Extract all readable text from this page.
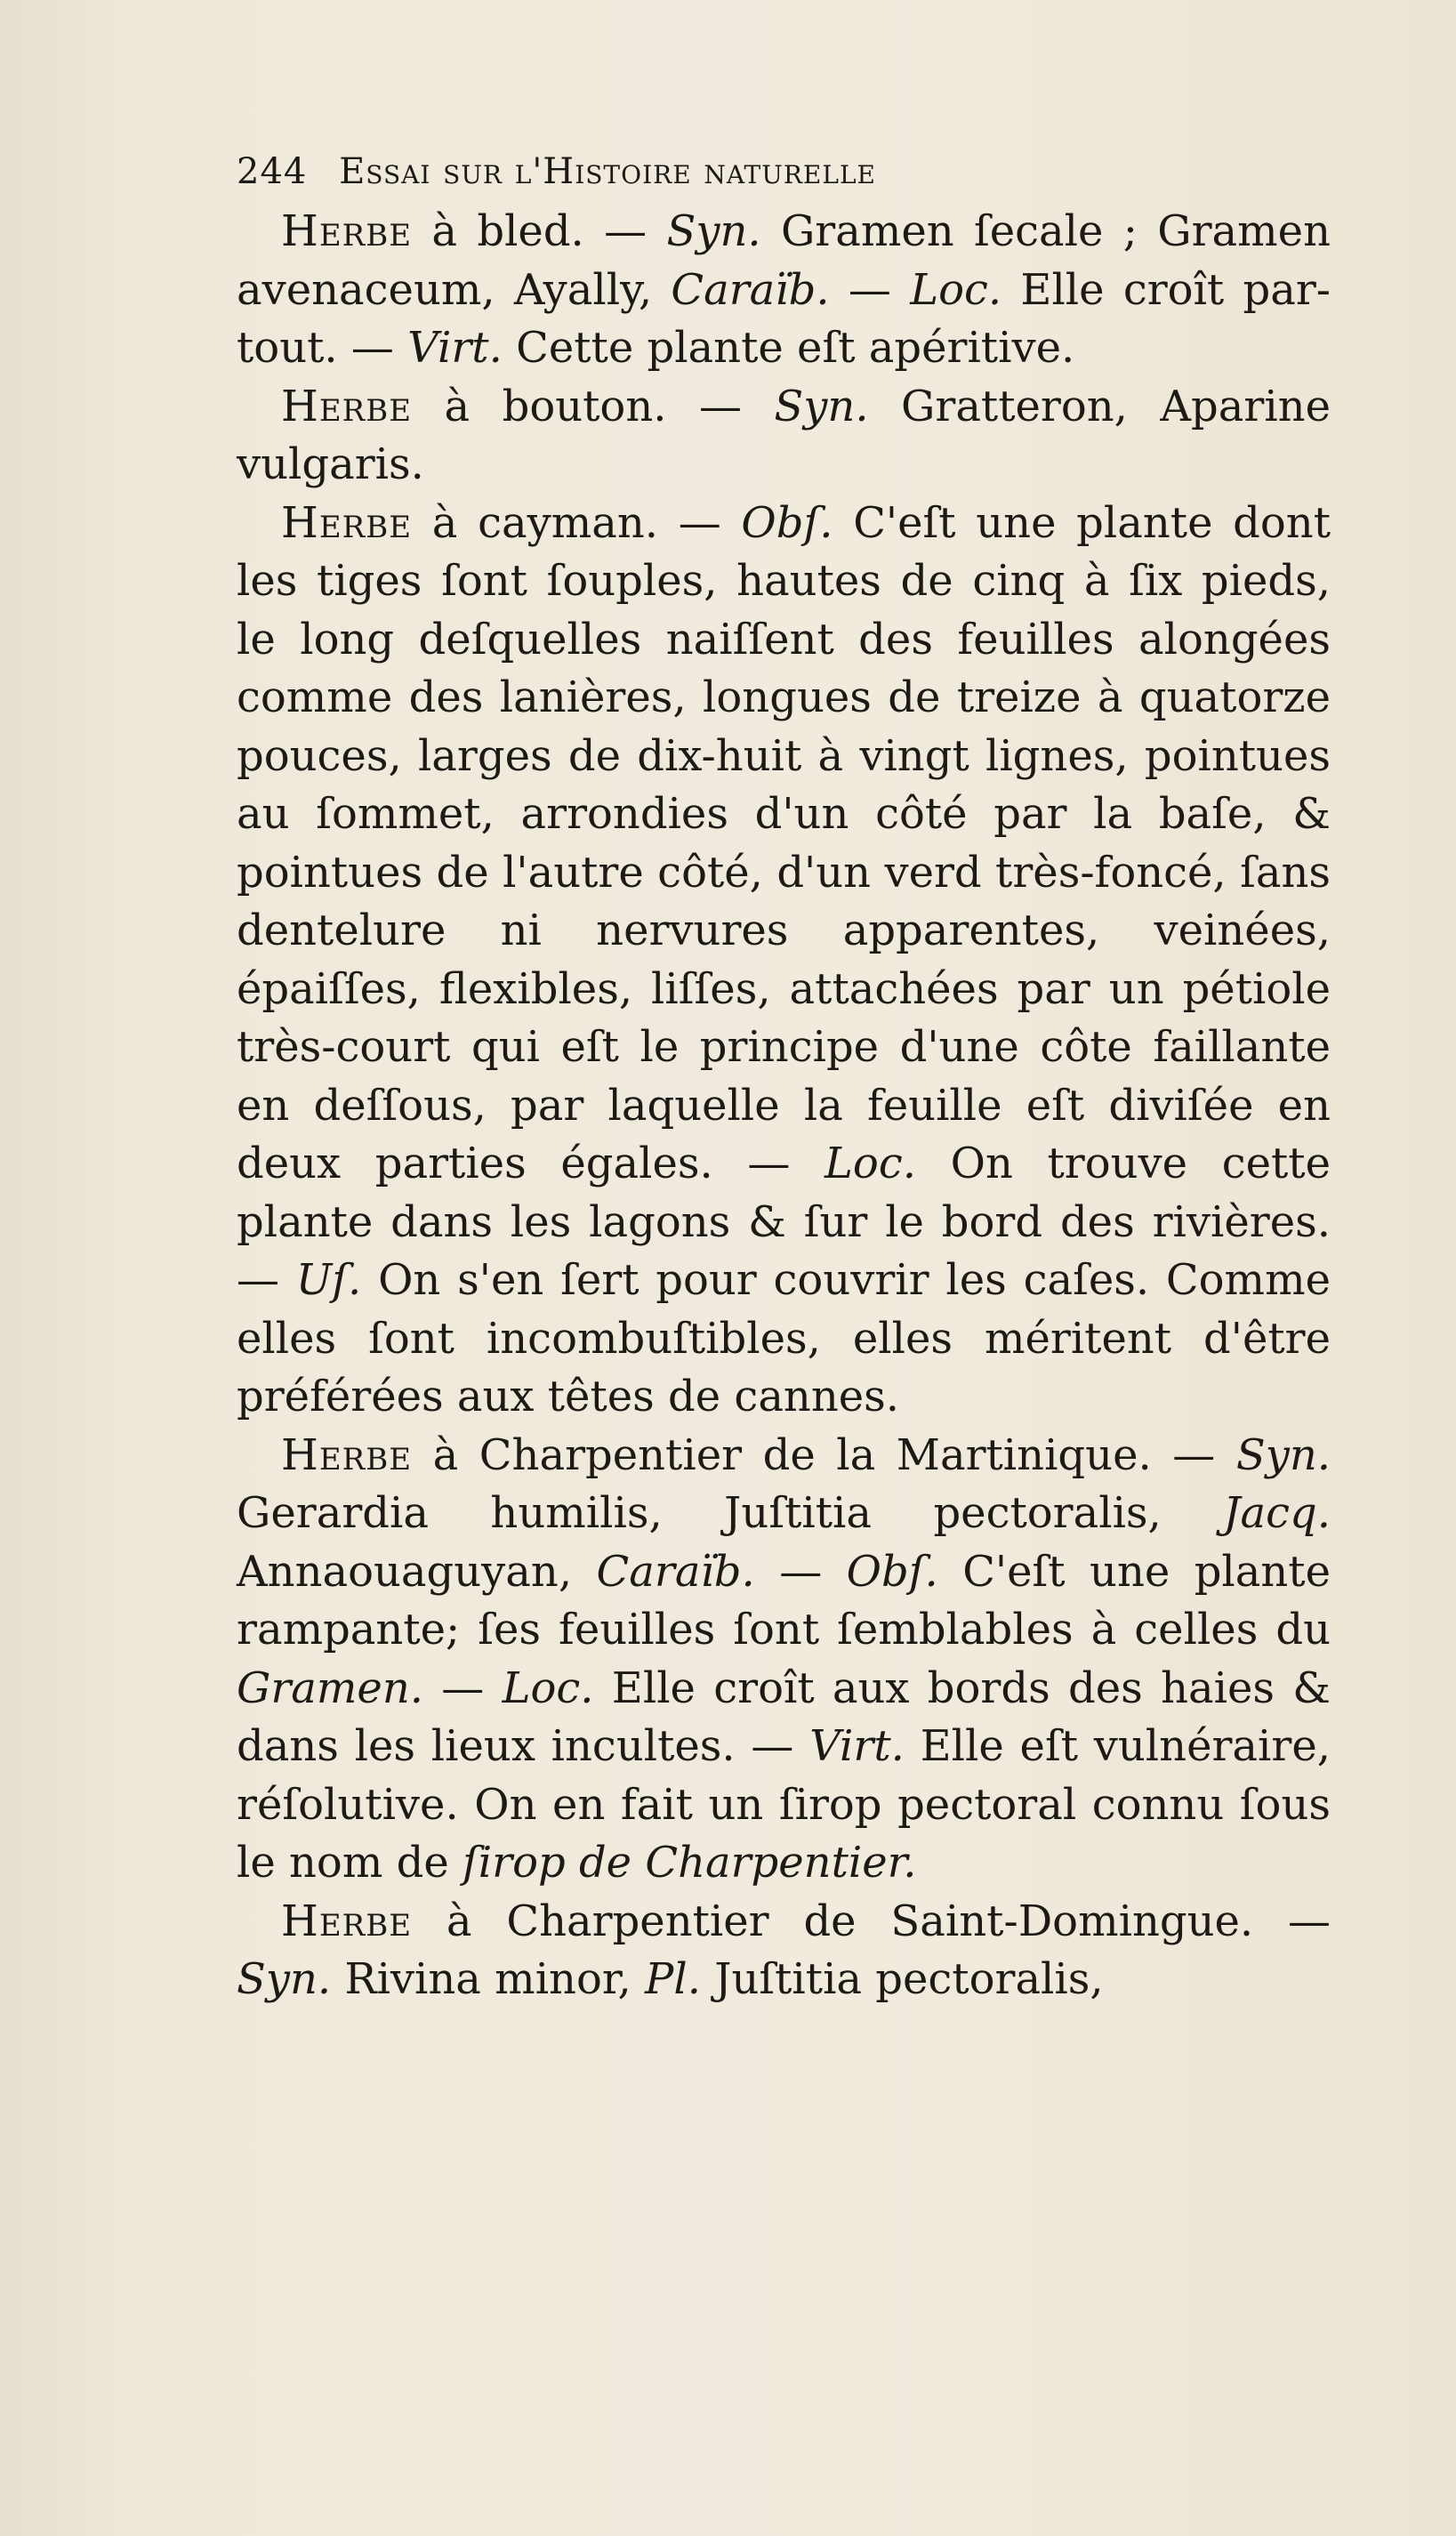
244 Essai sur l'Histoire naturelle

Herbe à bled. — Syn. Gramen ſecale ; Gramen avenaceum, Ayally, Caraïb. — Loc. Elle croît par-tout. — Virt. Cette plante eſt apéritive.

Herbe à bouton. — Syn. Gratteron, Aparine vulgaris.

Herbe à cayman. — Obſ. C'eſt une plante dont les tiges ſont ſouples, hautes de cinq à ſix pieds, le long deſquelles naiſſent des feuilles alongées comme des lanières, longues de treize à quatorze pouces, larges de dix-huit à vingt lignes, pointues au ſommet, arrondies d'un côté par la baſe, & pointues de l'autre côté, d'un verd très-foncé, ſans dentelure ni nervures apparentes, veinées, épaiſſes, flexibles, liſſes, attachées par un pétiole très-court qui eſt le principe d'une côte faillante en deſſous, par laquelle la feuille eſt diviſée en deux parties égales. — Loc. On trouve cette plante dans les lagons & ſur le bord des rivières. — Uſ. On s'en ſert pour couvrir les caſes. Comme elles ſont incombuſtibles, elles méritent d'être préférées aux têtes de cannes.

Herbe à Charpentier de la Martinique. — Syn. Gerardia humilis, Juſtitia pectoralis, Jacq. Annaouaguyan, Caraïb. — Obſ. C'eſt une plante rampante; ſes feuilles ſont ſemblables à celles du Gramen. — Loc. Elle croît aux bords des haies & dans les lieux incultes. — Virt. Elle eſt vulnéraire, réſolutive. On en fait un ſirop pectoral connu ſous le nom de ſirop de Charpentier.

Herbe à Charpentier de Saint-Domingue. — Syn. Rivina minor, Pl. Juſtitia pectoralis,
